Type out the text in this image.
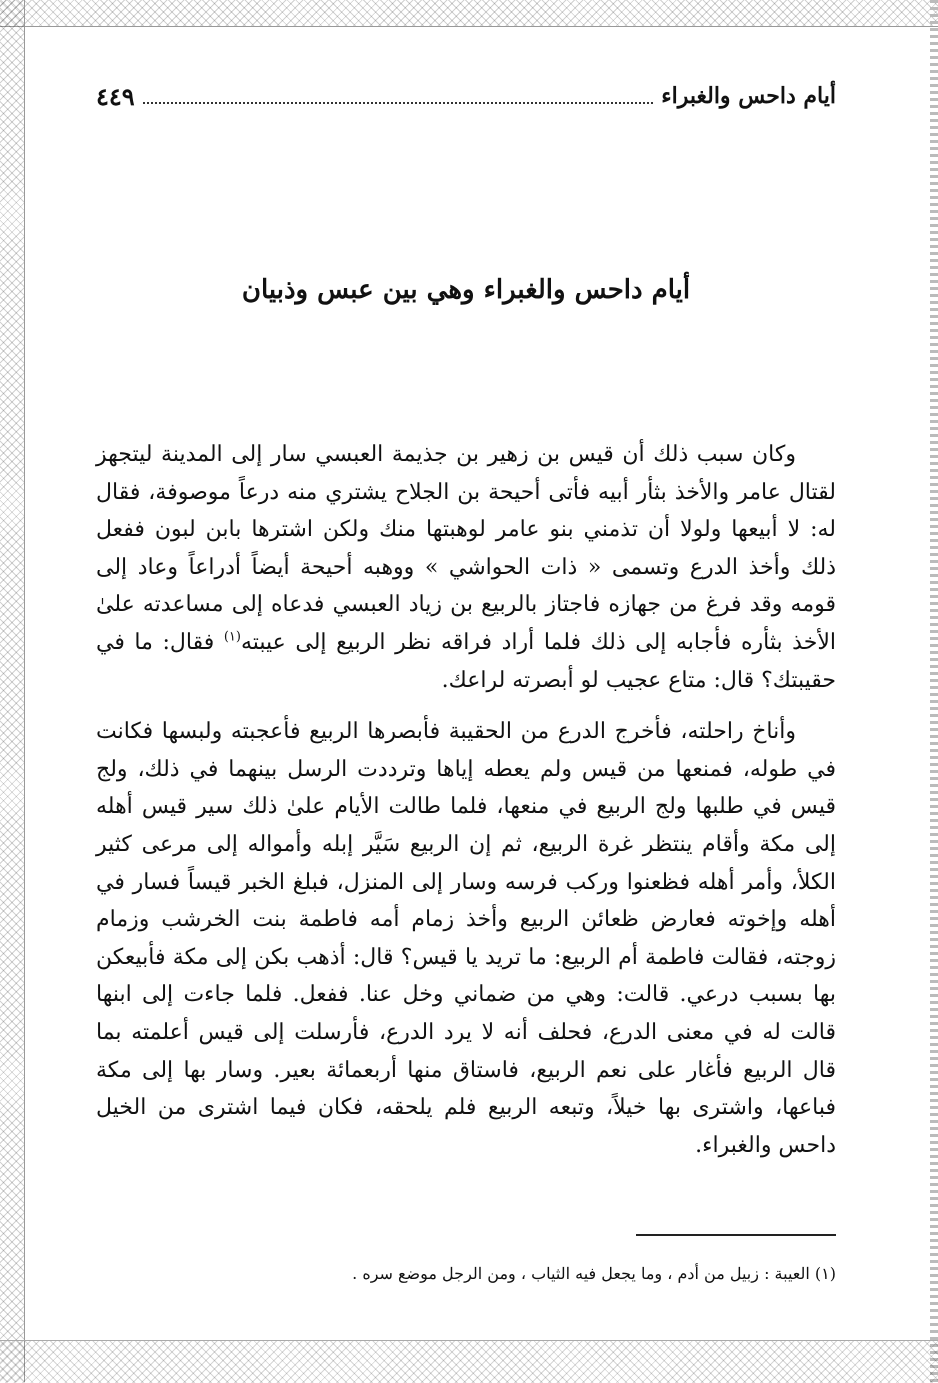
أيام داحس والغبراء
٤٤٩
أيام داحس والغبراء وهي بين عبس وذبيان

وكان سبب ذلك أن قيس بن زهير بن جذيمة العبسي سار إلى المدينة ليتجهز لقتال عامر والأخذ بثأر أبيه فأتى أحيحة بن الجلاح يشتري منه درعاً موصوفة، فقال له: لا أبيعها ولولا أن تذمني بنو عامر لوهبتها منك ولكن اشترها بابن لبون ففعل ذلك وأخذ الدرع وتسمى « ذات الحواشي » ووهبه أحيحة أيضاً أدراعاً وعاد إلى قومه وقد فرغ من جهازه فاجتاز بالربيع بن زياد العبسي فدعاه إلى مساعدته علىٰ الأخذ بثأره فأجابه إلى ذلك فلما أراد فراقه نظر الربيع إلى عيبته$^{(١)}$ فقال: ما في حقيبتك؟ قال: متاع عجيب لو أبصرته لراعك.

وأناخ راحلته، فأخرج الدرع من الحقيبة فأبصرها الربيع فأعجبته ولبسها فكانت في طوله، فمنعها من قيس ولم يعطه إياها وترددت الرسل بينهما في ذلك، ولج قيس في طلبها ولج الربيع في منعها، فلما طالت الأيام علىٰ ذلك سير قيس أهله إلى مكة وأقام ينتظر غرة الربيع، ثم إن الربيع سَيَّر إبله وأمواله إلى مرعى كثير الكلأ، وأمر أهله فظعنوا وركب فرسه وسار إلى المنزل، فبلغ الخبر قيساً فسار في أهله وإخوته فعارض ظعائن الربيع وأخذ زمام أمه فاطمة بنت الخرشب وزمام زوجته، فقالت فاطمة أم الربيع: ما تريد يا قيس؟ قال: أذهب بكن إلى مكة فأبيعكن بها بسبب درعي. قالت: وهي من ضماني وخل عنا. ففعل. فلما جاءت إلى ابنها قالت له في معنى الدرع، فحلف أنه لا يرد الدرع، فأرسلت إلى قيس أعلمته بما قال الربيع فأغار على نعم الربيع، فاستاق منها أربعمائة بعير. وسار بها إلى مكة فباعها، واشترى بها خيلاً، وتبعه الربيع فلم يلحقه، فكان فيما اشترى من الخيل داحس والغبراء.

(١) العيبة : زبيل من أدم ، وما يجعل فيه الثياب ، ومن الرجل موضع سره .
